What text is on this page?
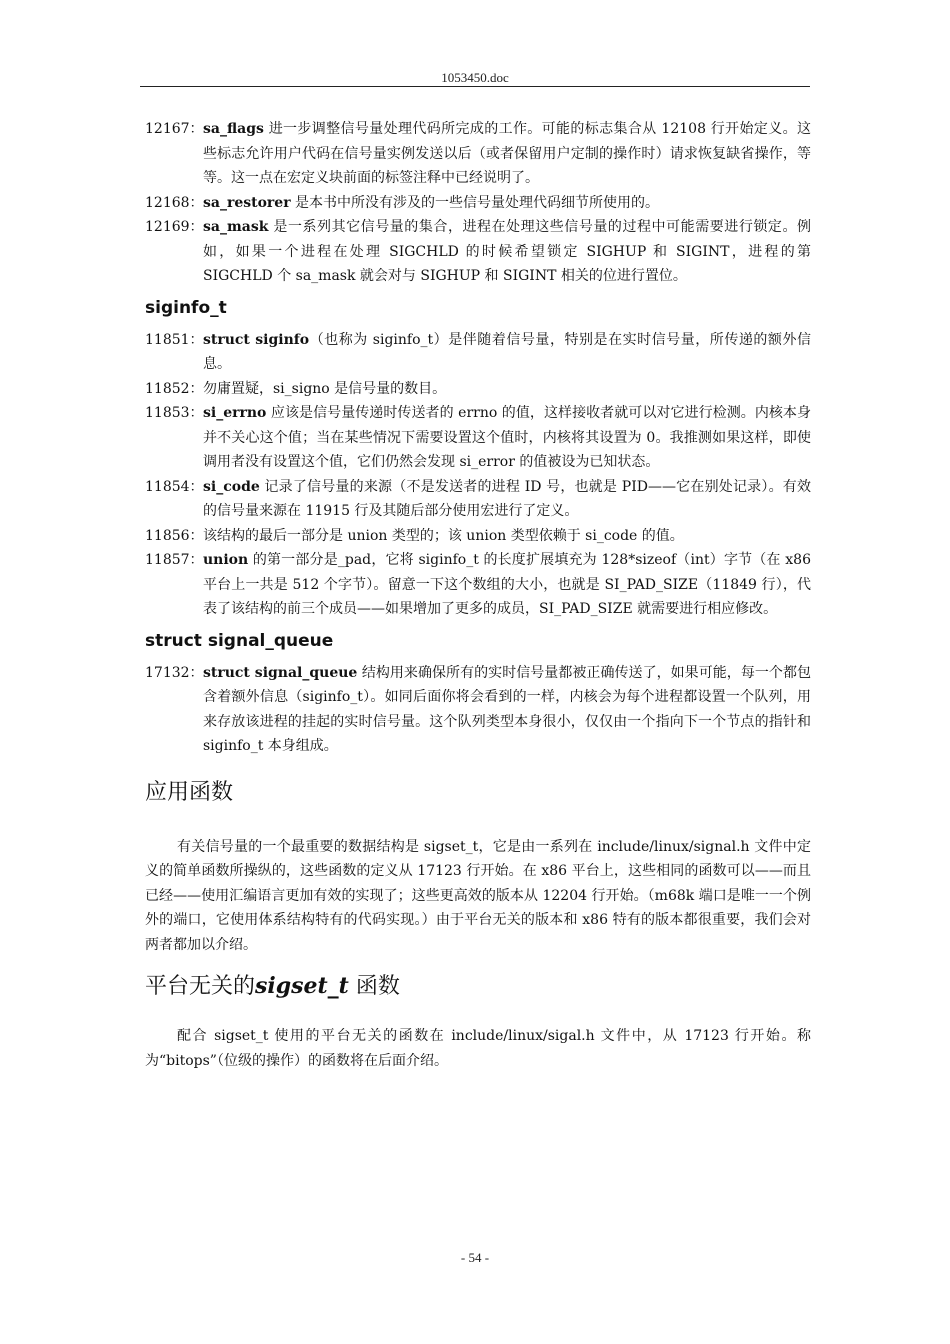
1053450.doc
12167： sa_flags 进一步调整信号量处理代码所完成的工作。可能的标志集合从 12108 行开始定义。这些标志允许用户代码在信号量实例发送以后（或者保留用户定制的操作时）请求恢复缺省操作，等等。这一点在宏定义块前面的标签注释中已经说明了。
12168： sa_restorer 是本书中所没有涉及的一些信号量处理代码细节所使用的。
12169： sa_mask 是一系列其它信号量的集合，进程在处理这些信号量的过程中可能需要进行锁定。例如，如果一个进程在处理 SIGCHLD 的时候希望锁定 SIGHUP 和 SIGINT，进程的第 SIGCHLD 个 sa_mask 就会对与 SIGHUP 和 SIGINT 相关的位进行置位。
siginfo_t
11851： struct siginfo（也称为 siginfo_t）是伴随着信号量，特别是在实时信号量，所传递的额外信息。
11852： 勿庸置疑，si_signo 是信号量的数目。
11853： si_errno 应该是信号量传递时传送者的 errno 的值，这样接收者就可以对它进行检测。内核本身并不关心这个值；当在某些情况下需要设置这个值时，内核将其设置为 0。我推测如果这样，即使调用者没有设置这个值，它们仍然会发现 si_error 的值被设为已知状态。
11854： si_code 记录了信号量的来源（不是发送者的进程 ID 号，也就是 PID——它在别处记录）。有效的信号量来源在 11915 行及其随后部分使用宏进行了定义。
11856： 该结构的最后一部分是 union 类型的；该 union 类型依赖于 si_code 的值。
11857： union 的第一部分是_pad，它将 siginfo_t 的长度扩展填充为 128*sizeof（int）字节（在 x86 平台上一共是 512 个字节）。留意一下这个数组的大小，也就是 SI_PAD_SIZE（11849 行），代表了该结构的前三个成员——如果增加了更多的成员，SI_PAD_SIZE 就需要进行相应修改。
struct signal_queue
17132： struct signal_queue 结构用来确保所有的实时信号量都被正确传送了，如果可能，每一个都包含着额外信息（siginfo_t）。如同后面你将会看到的一样，内核会为每个进程都设置一个队列，用来存放该进程的挂起的实时信号量。这个队列类型本身很小，仅仅由一个指向下一个节点的指针和 siginfo_t 本身组成。
应用函数

有关信号量的一个最重要的数据结构是 sigset_t，它是由一系列在 include/linux/signal.h 文件中定义的简单函数所操纵的，这些函数的定义从 17123 行开始。在 x86 平台上，这些相同的函数可以——而且已经——使用汇编语言更加有效的实现了；这些更高效的版本从 12204 行开始。（m68k 端口是唯一一个例外的端口，它使用体系结构特有的代码实现。）由于平台无关的版本和 x86 特有的版本都很重要，我们会对两者都加以介绍。

平台无关的sigset_t 函数

配合 sigset_t 使用的平台无关的函数在 include/linux/sigal.h 文件中，从 17123 行开始。称为“bitops”（位级的操作）的函数将在后面介绍。

- 54 -
